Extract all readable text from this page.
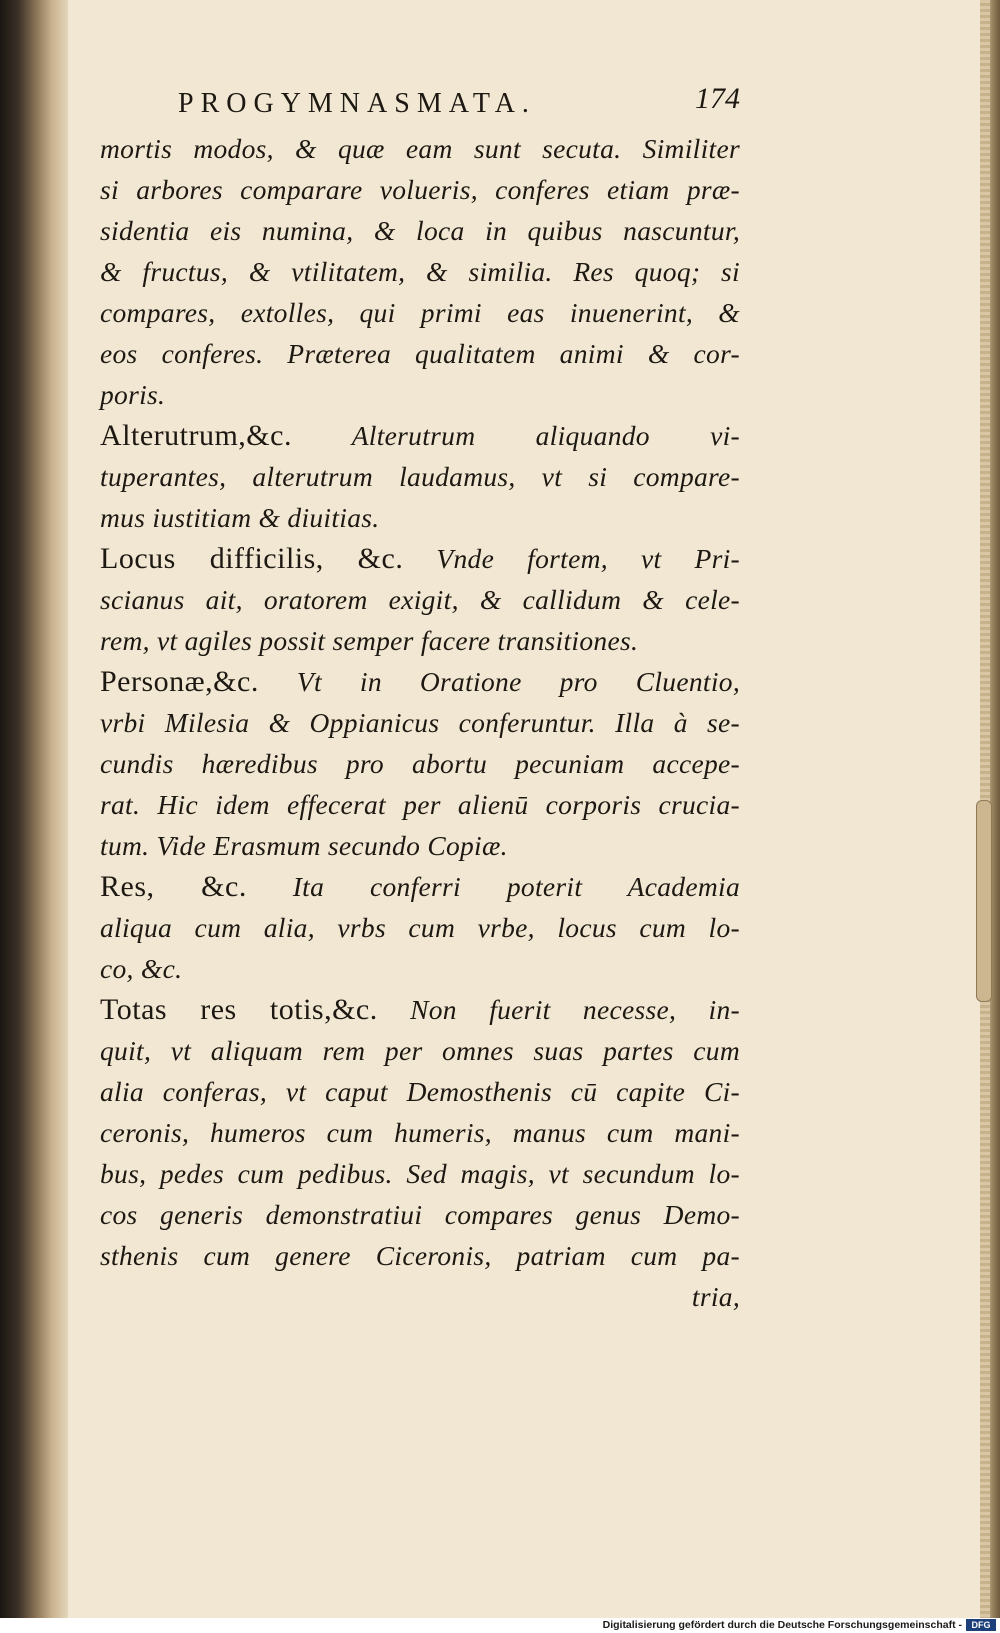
PROGYMNASMATA.	174
mortis modos, & quæ eam sunt secuta. Similiter
si arbores comparare volueris, conferes etiam præ-
sidentia eis numina, & loca in quibus nascuntur,
& fructus, & vtilitatem, & similia. Res quoq; si
compares, extolles, qui primi eas inuenerint, &
eos conferes. Præterea qualitatem animi & cor-
poris.
Alterutrum,&c. Alterutrum aliquando vi-
tuperantes, alterutrum laudamus, vt si compare-
mus iustitiam & diuitias.
Locus difficilis, &c. Vnde fortem, vt Pri-
scianus ait, oratorem exigit, & callidum & cele-
rem, vt agiles possit semper facere transitiones.
Personæ,&c. Vt in Oratione pro Cluentio,
vrbi Milesia & Oppianicus conferuntur. Illa à se-
cundis hæredibus pro abortu pecuniam accepe-
rat. Hic idem effecerat per alienū corporis crucia-
tum. Vide Erasmum secundo Copiæ.
Res, &c. Ita conferri poterit Academia
aliqua cum alia, vrbs cum vrbe, locus cum lo-
co, &c.
Totas res totis,&c. Non fuerit necesse, in-
quit, vt aliquam rem per omnes suas partes cum
alia conferas, vt caput Demosthenis cū capite Ci-
ceronis, humeros cum humeris, manus cum mani-
bus, pedes cum pedibus. Sed magis, vt secundum lo-
cos generis demonstratiui compares genus Demo-
sthenis cum genere Ciceronis, patriam cum pa-
tria,
Digitalisierung gefördert durch die Deutsche Forschungsgemeinschaft -	DFG
